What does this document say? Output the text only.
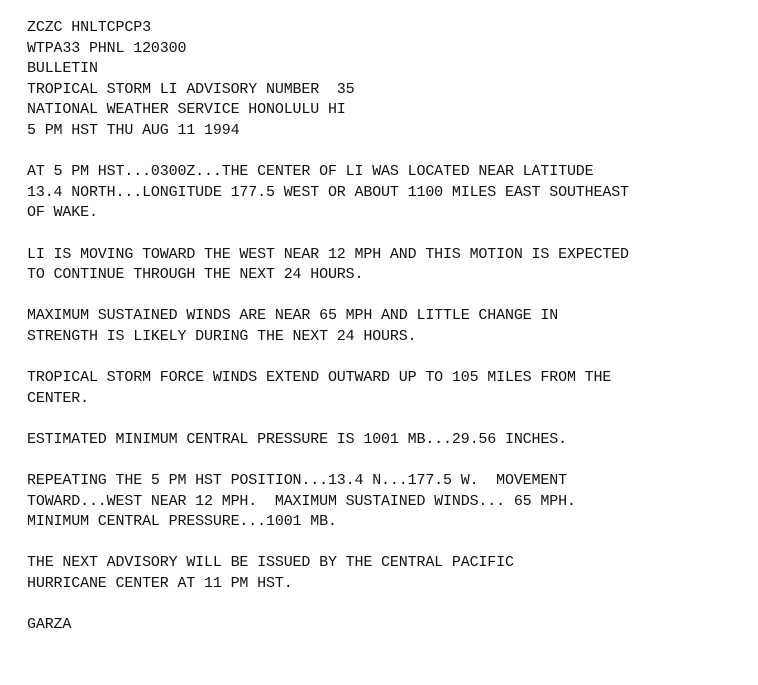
ZCZC HNLTCPCP3
WTPA33 PHNL 120300
BULLETIN
TROPICAL STORM LI ADVISORY NUMBER  35
NATIONAL WEATHER SERVICE HONOLULU HI
5 PM HST THU AUG 11 1994
AT 5 PM HST...0300Z...THE CENTER OF LI WAS LOCATED NEAR LATITUDE
13.4 NORTH...LONGITUDE 177.5 WEST OR ABOUT 1100 MILES EAST SOUTHEAST
OF WAKE.
LI IS MOVING TOWARD THE WEST NEAR 12 MPH AND THIS MOTION IS EXPECTED
TO CONTINUE THROUGH THE NEXT 24 HOURS.
MAXIMUM SUSTAINED WINDS ARE NEAR 65 MPH AND LITTLE CHANGE IN
STRENGTH IS LIKELY DURING THE NEXT 24 HOURS.
TROPICAL STORM FORCE WINDS EXTEND OUTWARD UP TO 105 MILES FROM THE
CENTER.
ESTIMATED MINIMUM CENTRAL PRESSURE IS 1001 MB...29.56 INCHES.
REPEATING THE 5 PM HST POSITION...13.4 N...177.5 W.  MOVEMENT
TOWARD...WEST NEAR 12 MPH.  MAXIMUM SUSTAINED WINDS... 65 MPH.
MINIMUM CENTRAL PRESSURE...1001 MB.
THE NEXT ADVISORY WILL BE ISSUED BY THE CENTRAL PACIFIC
HURRICANE CENTER AT 11 PM HST.
GARZA
